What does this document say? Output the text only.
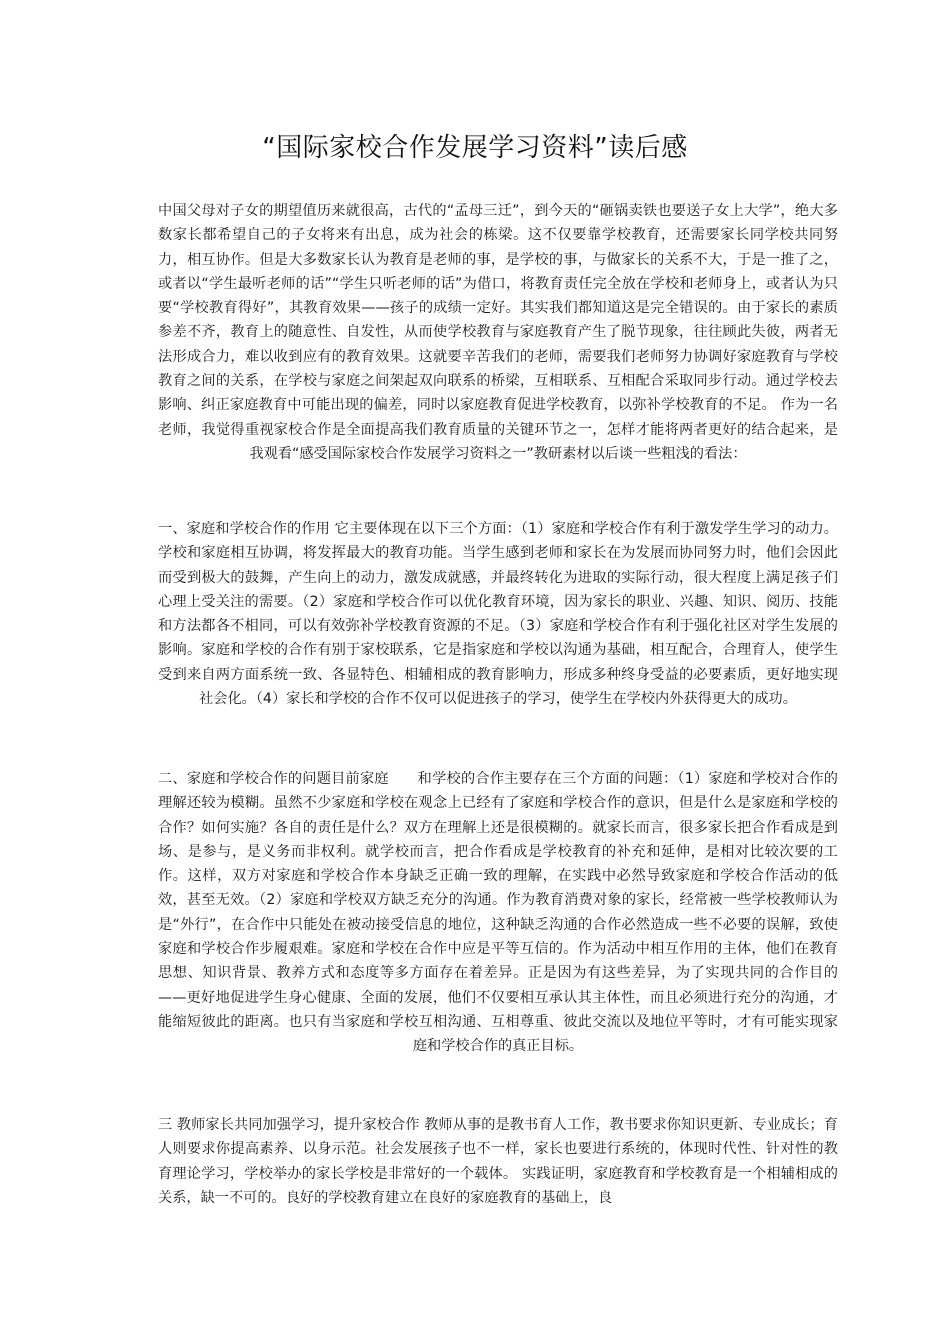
“国际家校合作发展学习资料”读后感

中国父母对子女的期望值历来就很高，古代的“孟母三迁”，到今天的“砸锅卖铁也要送子女上大学”，绝大多数家长都希望自己的子女将来有出息，成为社会的栋梁。这不仅要靠学校教育，还需要家长同学校共同努力，相互协作。但是大多数家长认为教育是老师的事，是学校的事，与做家长的关系不大，于是一推了之，或者以“学生最听老师的话”“学生只听老师的话”为借口，将教育责任完全放在学校和老师身上，或者认为只要“学校教育得好”，其教育效果——孩子的成绩一定好。其实我们都知道这是完全错误的。由于家长的素质参差不齐，教育上的随意性、自发性，从而使学校教育与家庭教育产生了脱节现象，往往顾此失彼，两者无法形成合力，难以收到应有的教育效果。这就要辛苦我们的老师，需要我们老师努力协调好家庭教育与学校教育之间的关系，在学校与家庭之间架起双向联系的桥梁，互相联系、互相配合采取同步行动。通过学校去影响、纠正家庭教育中可能出现的偏差，同时以家庭教育促进学校教育，以弥补学校教育的不足。 作为一名老师，我觉得重视家校合作是全面提高我们教育质量的关键环节之一，怎样才能将两者更好的结合起来，是我观看“感受国际家校合作发展学习资料之一”教研素材以后谈一些粗浅的看法：

一、家庭和学校合作的作用 它主要体现在以下三个方面：（1）家庭和学校合作有利于激发学生学习的动力。学校和家庭相互协调，将发挥最大的教育功能。当学生感到老师和家长在为发展而协同努力时，他们会因此而受到极大的鼓舞，产生向上的动力，激发成就感，并最终转化为进取的实际行动，很大程度上满足孩子们心理上受关注的需要。（2）家庭和学校合作可以优化教育环境，因为家长的职业、兴趣、知识、阅历、技能和方法都各不相同，可以有效弥补学校教育资源的不足。（3）家庭和学校合作有利于强化社区对学生发展的影响。家庭和学校的合作有别于家校联系，它是指家庭和学校以沟通为基础，相互配合，合理育人，使学生受到来自两方面系统一致、各显特色、相辅相成的教育影响力，形成多种终身受益的必要素质，更好地实现社会化。（4）家长和学校的合作不仅可以促进孩子的学习，使学生在学校内外获得更大的成功。

二、家庭和学校合作的问题目前家庭　　和学校的合作主要存在三个方面的问题：（1）家庭和学校对合作的理解还较为模糊。虽然不少家庭和学校在观念上已经有了家庭和学校合作的意识，但是什么是家庭和学校的合作？如何实施？各自的责任是什么？双方在理解上还是很模糊的。就家长而言，很多家长把合作看成是到场、是参与，是义务而非权利。就学校而言，把合作看成是学校教育的补充和延伸，是相对比较次要的工作。这样，双方对家庭和学校合作本身缺乏正确一致的理解，在实践中必然导致家庭和学校合作活动的低效，甚至无效。（2）家庭和学校双方缺乏充分的沟通。作为教育消费对象的家长，经常被一些学校教师认为是“外行”，在合作中只能处在被动接受信息的地位，这种缺乏沟通的合作必然造成一些不必要的误解，致使家庭和学校合作步履艰难。家庭和学校在合作中应是平等互信的。作为活动中相互作用的主体，他们在教育思想、知识背景、教养方式和态度等多方面存在着差异。正是因为有这些差异，为了实现共同的合作目的——更好地促进学生身心健康、全面的发展，他们不仅要相互承认其主体性，而且必须进行充分的沟通，才能缩短彼此的距离。也只有当家庭和学校互相沟通、互相尊重、彼此交流以及地位平等时，才有可能实现家庭和学校合作的真正目标。

三 教师家长共同加强学习，提升家校合作 教师从事的是教书育人工作，教书要求你知识更新、专业成长；育人则要求你提高素养、以身示范。社会发展孩子也不一样，家长也要进行系统的，体现时代性、针对性的教育理论学习，学校举办的家长学校是非常好的一个载体。 实践证明，家庭教育和学校教育是一个相辅相成的关系，缺一不可的。良好的学校教育建立在良好的家庭教育的基础上，良
